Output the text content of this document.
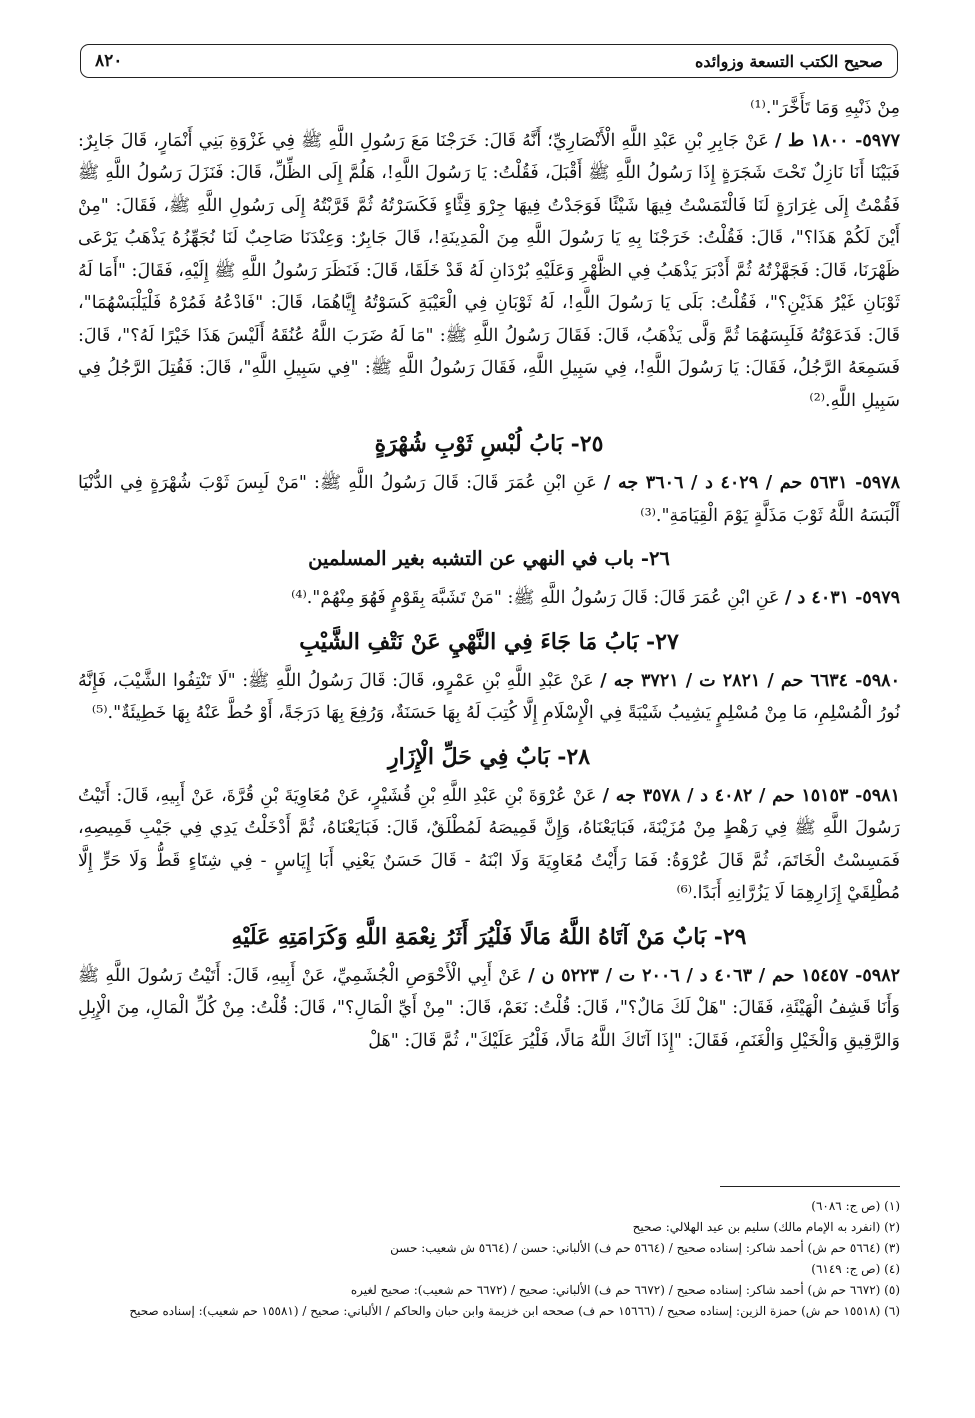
صحيح الكتب التسعة وزوائده
٨٢٠

مِنْ ذَنْبِهِ وَمَا تَأَخَّرَ".⁽¹⁾

٥٩٧٧- ١٨٠٠ ط / عَنْ جَابِرِ بْنِ عَبْدِ اللَّهِ الْأَنْصَارِيِّ؛ أَنَّهُ قَالَ: خَرَجْنَا مَعَ رَسُولِ اللَّهِ ﷺ فِي غَزْوَةِ بَنِي أَنْمَارٍ، قَالَ جَابِرٌ: فَبَيْنَا أَنَا نَازِلٌ تَحْتَ شَجَرَةٍ إِذَا رَسُولُ اللَّهِ ﷺ أَقْبَلَ، فَقُلْتُ: يَا رَسُولَ اللَّهِ!، هَلُمَّ إِلَى الظِّلِّ، قَالَ: فَنَزَلَ رَسُولُ اللَّهِ ﷺ فَقُمْتُ إِلَى غِرَارَةٍ لَنَا فَالْتَمَسْتُ فِيهَا شَيْئًا فَوَجَدْتُ فِيهَا جِرْوَ قِثَّاءٍ فَكَسَرْتُهُ ثُمَّ قَرَّبْتُهُ إِلَى رَسُولِ اللَّهِ ﷺ، فَقَالَ: "مِنْ أَيْنَ لَكُمْ هَذَا؟"، قَالَ: فَقُلْتُ: خَرَجْنَا بِهِ يَا رَسُولَ اللَّهِ مِنَ الْمَدِينَةِ!، قَالَ جَابِرٌ: وَعِنْدَنَا صَاحِبٌ لَنَا نُجَهِّزُهُ يَذْهَبُ يَرْعَى ظَهْرَنَا، قَالَ: فَجَهَّزْتُهُ ثُمَّ أَدْبَرَ يَذْهَبُ فِي الظَّهْرِ وَعَلَيْهِ بُرْدَانِ لَهُ قَدْ خَلَقَا، قَالَ: فَنَظَرَ رَسُولُ اللَّهِ ﷺ إِلَيْهِ، فَقَالَ: "أَمَا لَهُ ثَوْبَانِ غَيْرُ هَذَيْنِ؟"، فَقُلْتُ: بَلَى يَا رَسُولَ اللَّهِ!، لَهُ ثَوْبَانِ فِي الْعَيْبَةِ كَسَوْتُهُ إِيَّاهُمَا، قَالَ: "فَادْعُهُ فَمُرْهُ فَلْيَلْبَسْهُمَا"، قَالَ: فَدَعَوْتُهُ فَلَبِسَهُمَا ثُمَّ وَلَّى يَذْهَبُ، قَالَ: فَقَالَ رَسُولُ اللَّهِ ﷺ: "مَا لَهُ ضَرَبَ اللَّهُ عُنُقَهُ أَلَيْسَ هَذَا خَيْرًا لَهُ؟"، قَالَ: فَسَمِعَهُ الرَّجُلُ، فَقَالَ: يَا رَسُولَ اللَّهِ!، فِي سَبِيلِ اللَّهِ، فَقَالَ رَسُولُ اللَّهِ ﷺ: "فِي سَبِيلِ اللَّهِ"، قَالَ: فَقُتِلَ الرَّجُلُ فِي سَبِيلِ اللَّهِ.⁽²⁾

٢٥- بَابُ لُبْسِ ثَوْبِ شُهْرَةٍ

٥٩٧٨- ٥٦٣١ حم / ٤٠٢٩ د / ٣٦٠٦ جه / عَنِ ابْنِ عُمَرَ قَالَ: قَالَ رَسُولُ اللَّهِ ﷺ: "مَنْ لَبِسَ ثَوْبَ شُهْرَةٍ فِي الدُّنْيَا أَلْبَسَهُ اللَّهُ ثَوْبَ مَذَلَّةٍ يَوْمَ الْقِيَامَةِ".⁽³⁾

٢٦- باب في النهي عن التشبه بغير المسلمين

٥٩٧٩- ٤٠٣١ د / عَنِ ابْنِ عُمَرَ قَالَ: قَالَ رَسُولُ اللَّهِ ﷺ: "مَنْ تَشَبَّهَ بِقَوْمٍ فَهُوَ مِنْهُمْ".⁽⁴⁾

٢٧- بَابُ مَا جَاءَ فِي النَّهْيِ عَنْ نَتْفِ الشَّيْبِ

٥٩٨٠- ٦٦٣٤ حم / ٢٨٢١ ت / ٣٧٢١ جه / عَنْ عَبْدِ اللَّهِ بْنِ عَمْرٍو، قَالَ: قَالَ رَسُولُ اللَّهِ ﷺ: "لَا تَنْتِفُوا الشَّيْبَ، فَإِنَّهُ نُورُ الْمُسْلِمِ، مَا مِنْ مُسْلِمٍ يَشِيبُ شَيْبَةً فِي الْإِسْلَامِ إِلَّا كُتِبَ لَهُ بِهَا حَسَنَةٌ، وَرُفِعَ بِهَا دَرَجَةً، أَوْ حُطَّ عَنْهُ بِهَا خَطِيئَةٌ".⁽⁵⁾

٢٨- بَابٌ فِي حَلِّ الْإِزَارِ

٥٩٨١- ١٥١٥٣ حم / ٤٠٨٢ د / ٣٥٧٨ جه / عَنْ عُرْوَةَ بْنِ عَبْدِ اللَّهِ بْنِ قُشَيْرٍ، عَنْ مُعَاوِيَةَ بْنِ قُرَّةَ، عَنْ أَبِيهِ، قَالَ: أَتَيْتُ رَسُولَ اللَّهِ ﷺ فِي رَهْطٍ مِنْ مُزَيْنَةَ، فَبَايَعْنَاهُ، وَإِنَّ قَمِيصَهُ لَمُطْلَقٌ، قَالَ: فَبَايَعْنَاهُ، ثُمَّ أَدْخَلْتُ يَدِي فِي جَيْبِ قَمِيصِهِ، فَمَسِسْتُ الْخَاتَمَ، ثُمَّ قَالَ عُرْوَةُ: فَمَا رَأَيْتُ مُعَاوِيَةَ وَلَا ابْنَهُ - قَالَ حَسَنٌ يَعْنِي أَبَا إِيَاسٍ - فِي شِتَاءٍ قَطُّ وَلَا حَرٍّ إِلَّا مُطْلِقَيْ إِزَارِهِمَا لَا يَزُرَّانِهِ أَبَدًا.⁽⁶⁾

٢٩- بَابٌ مَنْ آتَاهُ اللَّهُ مَالًا فَلْيُرَ أَثَرُ نِعْمَةِ اللَّهِ وَكَرَامَتِهِ عَلَيْهِ

٥٩٨٢- ١٥٤٥٧ حم / ٤٠٦٣ د / ٢٠٠٦ ت / ٥٢٢٣ ن / عَنْ أَبِي الْأَحْوَصِ الْجُشَمِيِّ، عَنْ أَبِيهِ، قَالَ: أَتَيْتُ رَسُولَ اللَّهِ ﷺ وَأَنَا قَشِفُ الْهَيْئَةِ، فَقَالَ: "هَلْ لَكَ مَالٌ؟"، قَالَ: قُلْتُ: نَعَمْ، قَالَ: "مِنْ أَيِّ الْمَالِ؟"، قَالَ: قُلْتُ: مِنْ كُلِّ الْمَالِ، مِنَ الْإِبِلِ وَالرَّقِيقِ وَالْخَيْلِ وَالْغَنَمِ، فَقَالَ: "إِذَا آتَاكَ اللَّهُ مَالًا، فَلْيُرَ عَلَيْكَ"، ثُمَّ قَالَ: "هَلْ

(١) (ص ج: ٦٠٨٦)
(٢) (انفرد به الإمام مالك) سليم بن عيد الهلالي: صحيح
(٣) (٥٦٦٤ حم ش) أحمد شاكر: إسناده صحيح / (٥٦٦٤ حم ف) الألباني: حسن / (٥٦٦٤ ش شعيب: حسن
(٤) (ص ج: ٦١٤٩)
(٥) (٦٦٧٢ حم ش) أحمد شاكر: إسناده صحيح / (٦٦٧٢ حم ف) الألباني: صحيح / (٦٦٧٢ حم شعيب): صحيح لغيره
(٦) (١٥٥١٨ حم ش) حمزة الزين: إسناده صحيح / (١٥٦٦٦ حم ف) صححه ابن خزيمة وابن حبان والحاكم / الألباني: صحيح / (١٥٥٨١ حم شعيب): إسناده صحيح
